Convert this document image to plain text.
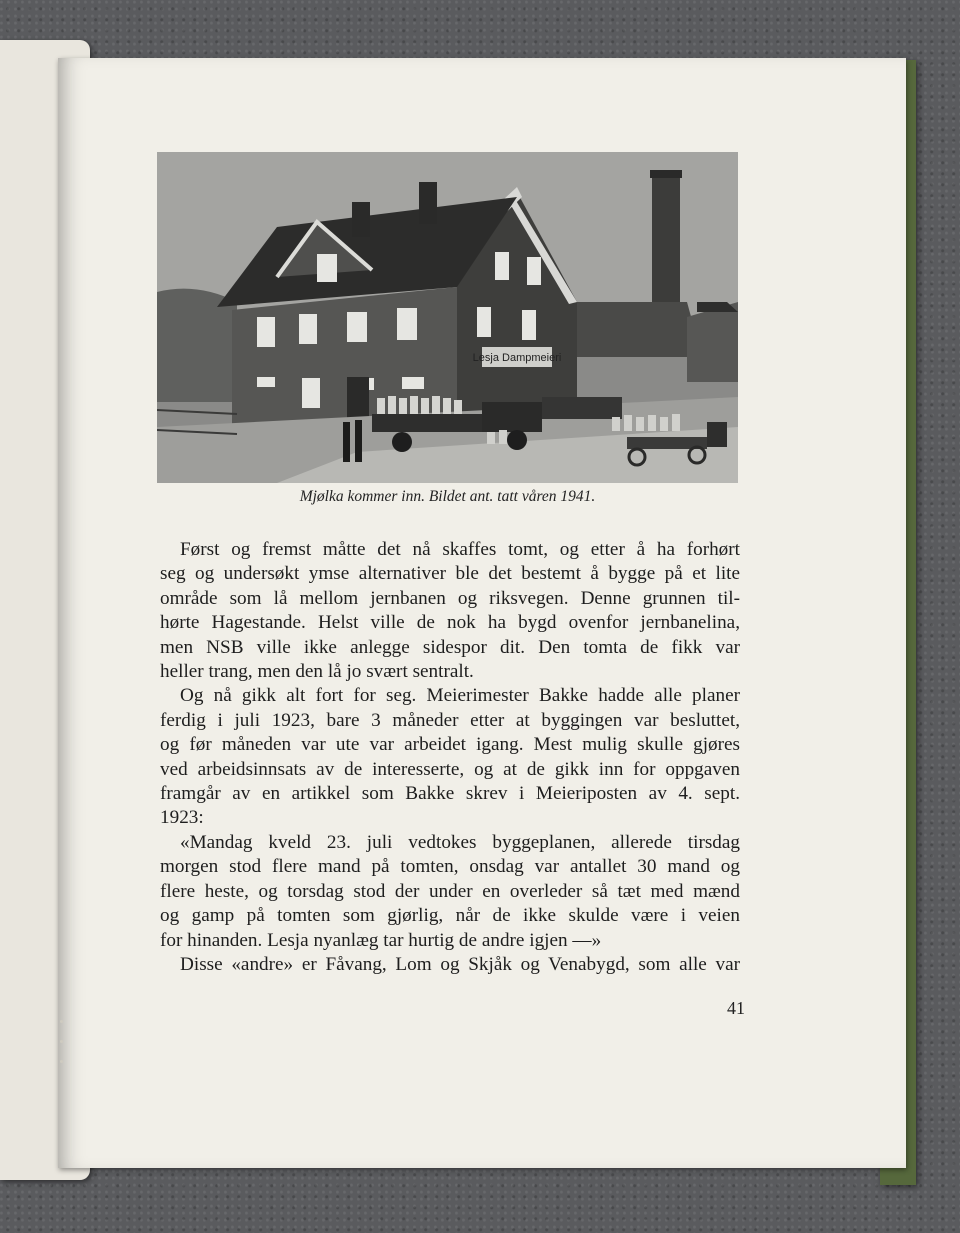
Lesja Dampmeieri
Mjølka kommer inn. Bildet ant. tatt våren 1941.
Først og fremst måtte det nå skaffes tomt, og etter å ha forhørt
seg og undersøkt ymse alternativer ble det bestemt å bygge på et lite
område som lå mellom jernbanen og riksvegen. Denne grunnen til-
hørte Hagestande. Helst ville de nok ha bygd ovenfor jernbanelina,
men NSB ville ikke anlegge sidespor dit. Den tomta de fikk var
heller trang, men den lå jo svært sentralt.
Og nå gikk alt fort for seg. Meierimester Bakke hadde alle planer
ferdig i juli 1923, bare 3 måneder etter at byggingen var besluttet,
og før måneden var ute var arbeidet igang. Mest mulig skulle gjøres
ved arbeidsinnsats av de interesserte, og at de gikk inn for oppgaven
framgår av en artikkel som Bakke skrev i Meieriposten av 4. sept.
1923:
«Mandag kveld 23. juli vedtokes byggeplanen, allerede tirsdag
morgen stod flere mand på tomten, onsdag var antallet 30 mand og
flere heste, og torsdag stod der under en overleder så tæt med mænd
og gamp på tomten som gjørlig, når de ikke skulde være i veien
for hinanden. Lesja nyanlæg tar hurtig de andre igjen —»
Disse «andre» er Fåvang, Lom og Skjåk og Venabygd, som alle var
41
